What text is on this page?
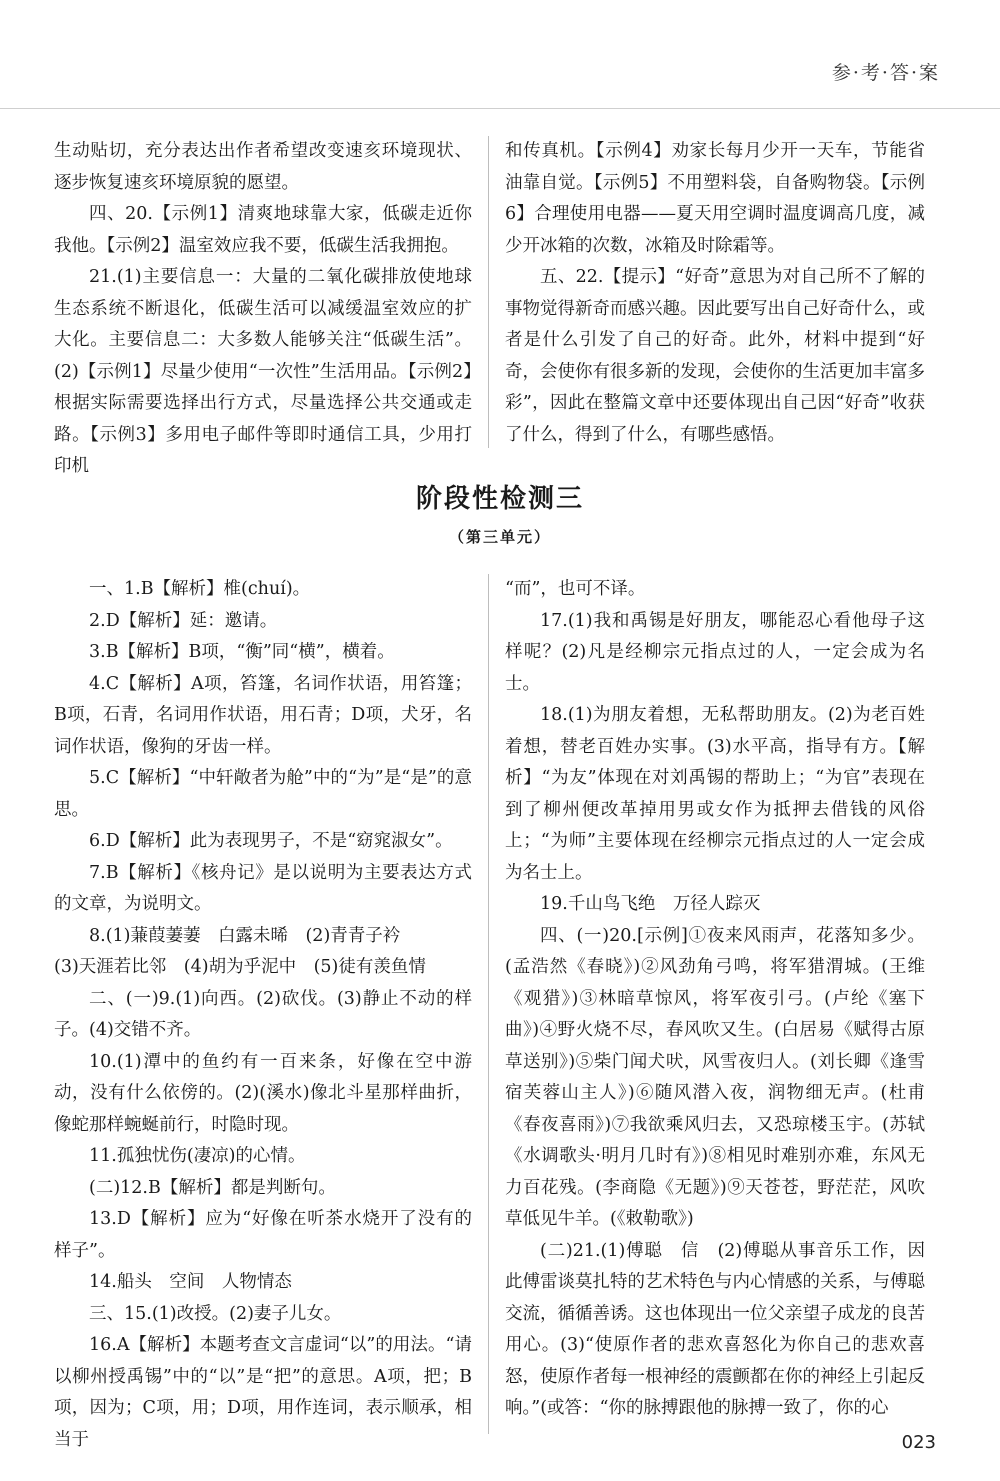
参·考·答·案

生动贴切，充分表达出作者希望改变速亥环境现状、逐步恢复速亥环境原貌的愿望。

四、20.【示例1】清爽地球靠大家，低碳走近你我他。【示例2】温室效应我不要，低碳生活我拥抱。

21.(1)主要信息一：大量的二氧化碳排放使地球生态系统不断退化，低碳生活可以减缓温室效应的扩大化。主要信息二：大多数人能够关注“低碳生活”。(2)【示例1】尽量少使用“一次性”生活用品。【示例2】根据实际需要选择出行方式，尽量选择公共交通或走路。【示例3】多用电子邮件等即时通信工具，少用打印机

和传真机。【示例4】劝家长每月少开一天车，节能省油靠自觉。【示例5】不用塑料袋，自备购物袋。【示例6】合理使用电器——夏天用空调时温度调高几度，减少开冰箱的次数，冰箱及时除霜等。

五、22.【提示】“好奇”意思为对自己所不了解的事物觉得新奇而感兴趣。因此要写出自己好奇什么，或者是什么引发了自己的好奇。此外，材料中提到“好奇，会使你有很多新的发现，会使你的生活更加丰富多彩”，因此在整篇文章中还要体现出自己因“好奇”收获了什么，得到了什么，有哪些感悟。

阶段性检测三
（第三单元）

一、1.B【解析】椎(chuí)。

2.D【解析】延：邀请。

3.B【解析】B项，“衡”同“横”，横着。

4.C【解析】A项，笞篷，名词作状语，用笞篷；B项，石青，名词用作状语，用石青；D项，犬牙，名词作状语，像狗的牙齿一样。

5.C【解析】“中轩敞者为舱”中的“为”是“是”的意思。

6.D【解析】此为表现男子，不是“窈窕淑女”。

7.B【解析】《核舟记》是以说明为主要表达方式的文章，为说明文。

8.(1)蒹葭萋萋　白露未晞　(2)青青子衿

(3)天涯若比邻　(4)胡为乎泥中　(5)徒有羡鱼情

二、(一)9.(1)向西。(2)砍伐。(3)静止不动的样子。(4)交错不齐。

10.(1)潭中的鱼约有一百来条，好像在空中游动，没有什么依傍的。(2)(溪水)像北斗星那样曲折，像蛇那样蜿蜒前行，时隐时现。

11.孤独忧伤(凄凉)的心情。

(二)12.B【解析】都是判断句。

13.D【解析】应为“好像在听茶水烧开了没有的样子”。

14.船头　空间　人物情态

三、15.(1)改授。(2)妻子儿女。

16.A【解析】本题考查文言虚词“以”的用法。“请以柳州授禹锡”中的“以”是“把”的意思。A项，把；B项，因为；C项，用；D项，用作连词，表示顺承，相当于

“而”，也可不译。

17.(1)我和禹锡是好朋友，哪能忍心看他母子这样呢？(2)凡是经柳宗元指点过的人，一定会成为名士。

18.(1)为朋友着想，无私帮助朋友。(2)为老百姓着想，替老百姓办实事。(3)水平高，指导有方。【解析】“为友”体现在对刘禹锡的帮助上；“为官”表现在到了柳州便改革掉用男或女作为抵押去借钱的风俗上；“为师”主要体现在经柳宗元指点过的人一定会成为名士上。

19.千山鸟飞绝　万径人踪灭

四、(一)20.[示例]①夜来风雨声，花落知多少。(孟浩然《春晓》)②风劲角弓鸣，将军猎渭城。(王维《观猎》)③林暗草惊风，将军夜引弓。(卢纶《塞下曲》)④野火烧不尽，春风吹又生。(白居易《赋得古原草送别》)⑤柴门闻犬吠，风雪夜归人。(刘长卿《逢雪宿芙蓉山主人》)⑥随风潜入夜，润物细无声。(杜甫《春夜喜雨》)⑦我欲乘风归去，又恐琼楼玉宇。(苏轼《水调歌头·明月几时有》)⑧相见时难别亦难，东风无力百花残。(李商隐《无题》)⑨天苍苍，野茫茫，风吹草低见牛羊。(《敕勒歌》)

(二)21.(1)傅聪　信　(2)傅聪从事音乐工作，因此傅雷谈莫扎特的艺术特色与内心情感的关系，与傅聪交流，循循善诱。这也体现出一位父亲望子成龙的良苦用心。(3)“使原作者的悲欢喜怒化为你自己的悲欢喜怒，使原作者每一根神经的震颤都在你的神经上引起反响。”(或答：“你的脉搏跟他的脉搏一致了，你的心

023
